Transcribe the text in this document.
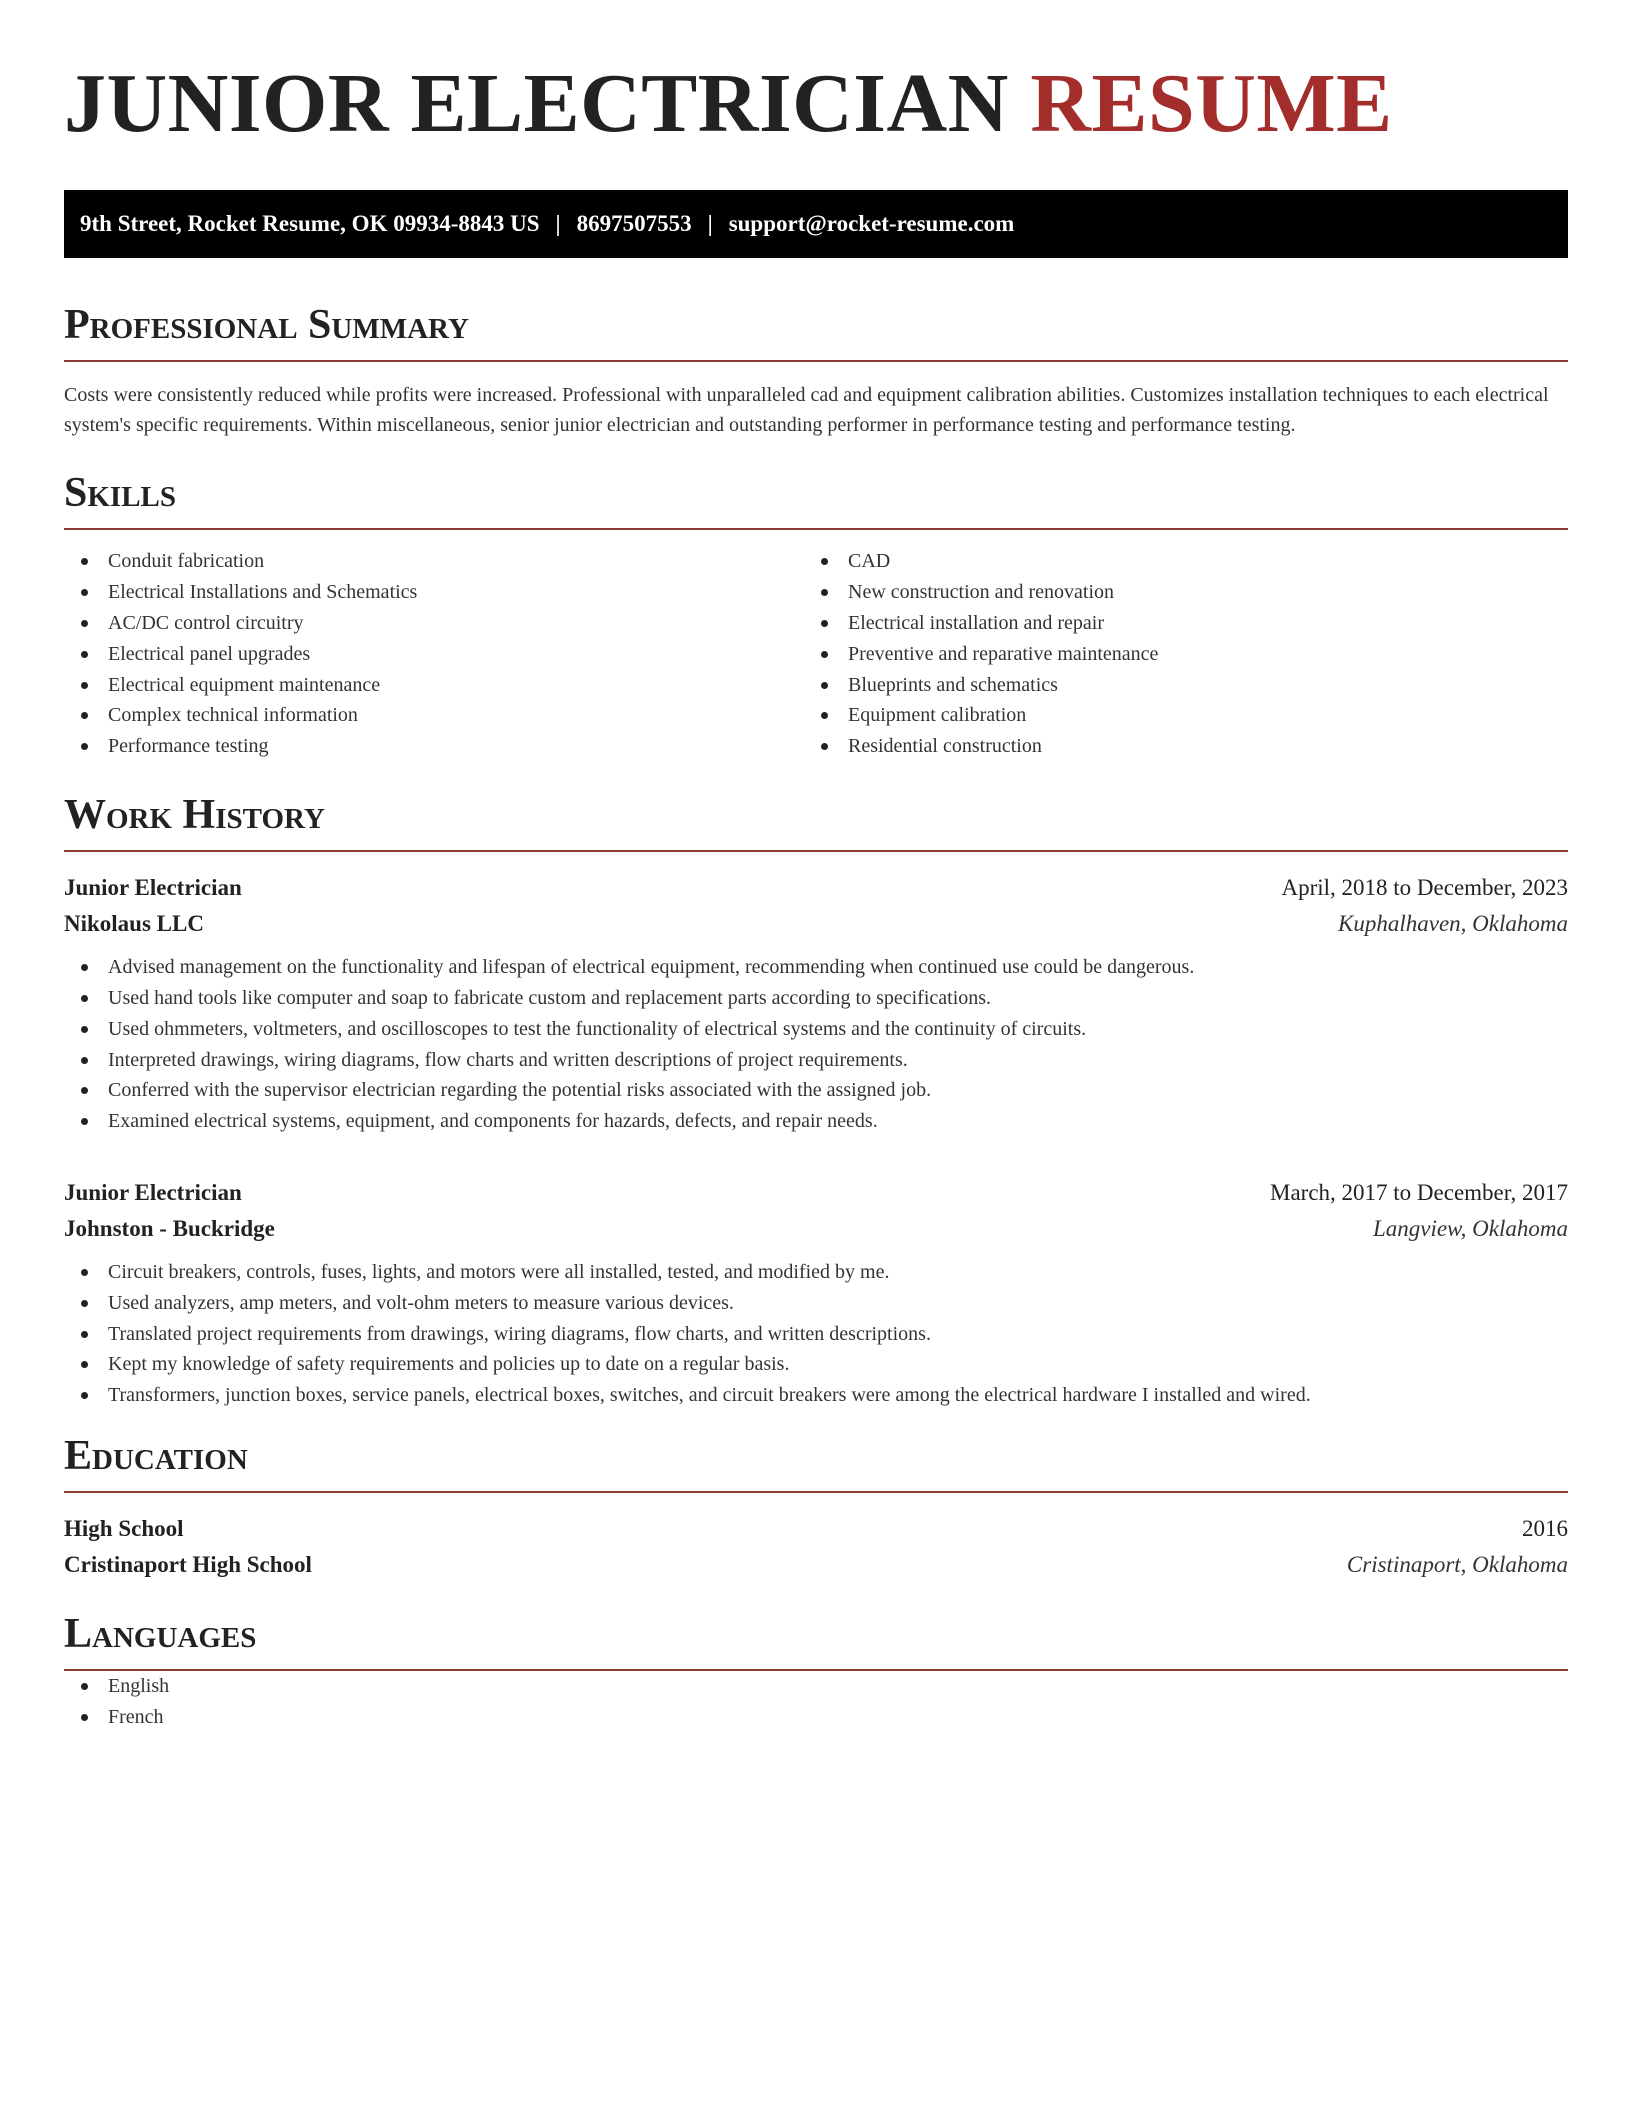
JUNIOR ELECTRICIAN RESUME
9th Street, Rocket Resume, OK 09934-8843 US | 8697507553 | support@rocket-resume.com
Professional Summary

Costs were consistently reduced while profits were increased. Professional with unparalleled cad and equipment calibration abilities. Customizes installation techniques to each electrical system's specific requirements. Within miscellaneous, senior junior electrician and outstanding performer in performance testing and performance testing.

Skills
Conduit fabrication
Electrical Installations and Schematics
AC/DC control circuitry
Electrical panel upgrades
Electrical equipment maintenance
Complex technical information
Performance testing
CAD
New construction and renovation
Electrical installation and repair
Preventive and reparative maintenance
Blueprints and schematics
Equipment calibration
Residential construction
Work History
Junior Electrician	April, 2018 to December, 2023
Nikolaus LLC	Kuphalhaven, Oklahoma
Advised management on the functionality and lifespan of electrical equipment, recommending when continued use could be dangerous.
Used hand tools like computer and soap to fabricate custom and replacement parts according to specifications.
Used ohmmeters, voltmeters, and oscilloscopes to test the functionality of electrical systems and the continuity of circuits.
Interpreted drawings, wiring diagrams, flow charts and written descriptions of project requirements.
Conferred with the supervisor electrician regarding the potential risks associated with the assigned job.
Examined electrical systems, equipment, and components for hazards, defects, and repair needs.
Junior Electrician	March, 2017 to December, 2017
Johnston - Buckridge	Langview, Oklahoma
Circuit breakers, controls, fuses, lights, and motors were all installed, tested, and modified by me.
Used analyzers, amp meters, and volt-ohm meters to measure various devices.
Translated project requirements from drawings, wiring diagrams, flow charts, and written descriptions.
Kept my knowledge of safety requirements and policies up to date on a regular basis.
Transformers, junction boxes, service panels, electrical boxes, switches, and circuit breakers were among the electrical hardware I installed and wired.
Education
High School	2016
Cristinaport High School	Cristinaport, Oklahoma
Languages
English
French
